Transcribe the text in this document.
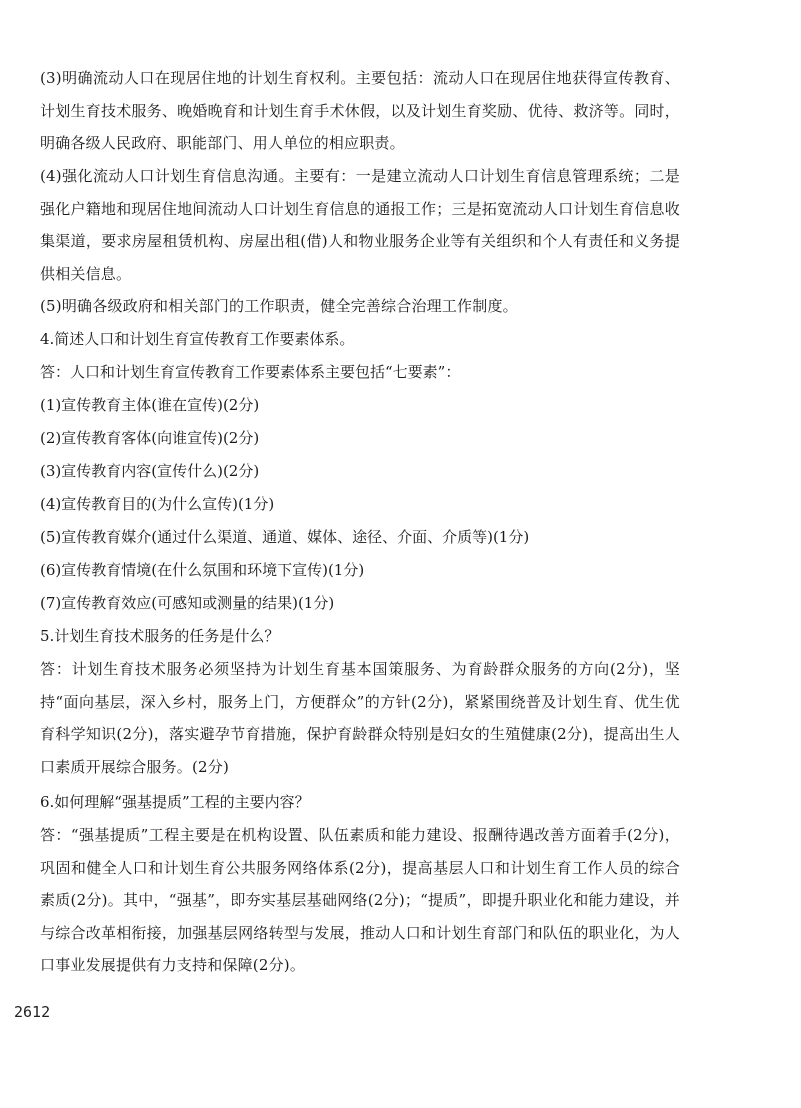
(3)明确流动人口在现居住地的计划生育权利。主要包括：流动人口在现居住地获得宣传教育、计划生育技术服务、晚婚晚育和计划生育手术休假，以及计划生育奖励、优待、救济等。同时，明确各级人民政府、职能部门、用人单位的相应职责。

(4)强化流动人口计划生育信息沟通。主要有：一是建立流动人口计划生育信息管理系统；二是强化户籍地和现居住地间流动人口计划生育信息的通报工作；三是拓宽流动人口计划生育信息收集渠道，要求房屋租赁机构、房屋出租(借)人和物业服务企业等有关组织和个人有责任和义务提供相关信息。

(5)明确各级政府和相关部门的工作职责，健全完善综合治理工作制度。

4.简述人口和计划生育宣传教育工作要素体系。

答：人口和计划生育宣传教育工作要素体系主要包括“七要素”：

(1)宣传教育主体(谁在宣传)(2分)

(2)宣传教育客体(向谁宣传)(2分)

(3)宣传教育内容(宣传什么)(2分)

(4)宣传教育目的(为什么宣传)(1分)

(5)宣传教育媒介(通过什么渠道、通道、媒体、途径、介面、介质等)(1分)

(6)宣传教育情境(在什么氛围和环境下宣传)(1分)

(7)宣传教育效应(可感知或测量的结果)(1分)

5.计划生育技术服务的任务是什么？

答：计划生育技术服务必须坚持为计划生育基本国策服务、为育龄群众服务的方向(2分)，坚持“面向基层，深入乡村，服务上门，方便群众”的方针(2分)，紧紧围绕普及计划生育、优生优育科学知识(2分)，落实避孕节育措施，保护育龄群众特别是妇女的生殖健康(2分)，提高出生人口素质开展综合服务。(2分)

6.如何理解“强基提质”工程的主要内容？

答：“强基提质”工程主要是在机构设置、队伍素质和能力建设、报酬待遇改善方面着手(2分)，巩固和健全人口和计划生育公共服务网络体系(2分)，提高基层人口和计划生育工作人员的综合素质(2分)。其中，“强基”，即夯实基层基础网络(2分)；“提质”，即提升职业化和能力建设，并与综合改革相衔接，加强基层网络转型与发展，推动人口和计划生育部门和队伍的职业化，为人口事业发展提供有力支持和保障(2分)。

2612
